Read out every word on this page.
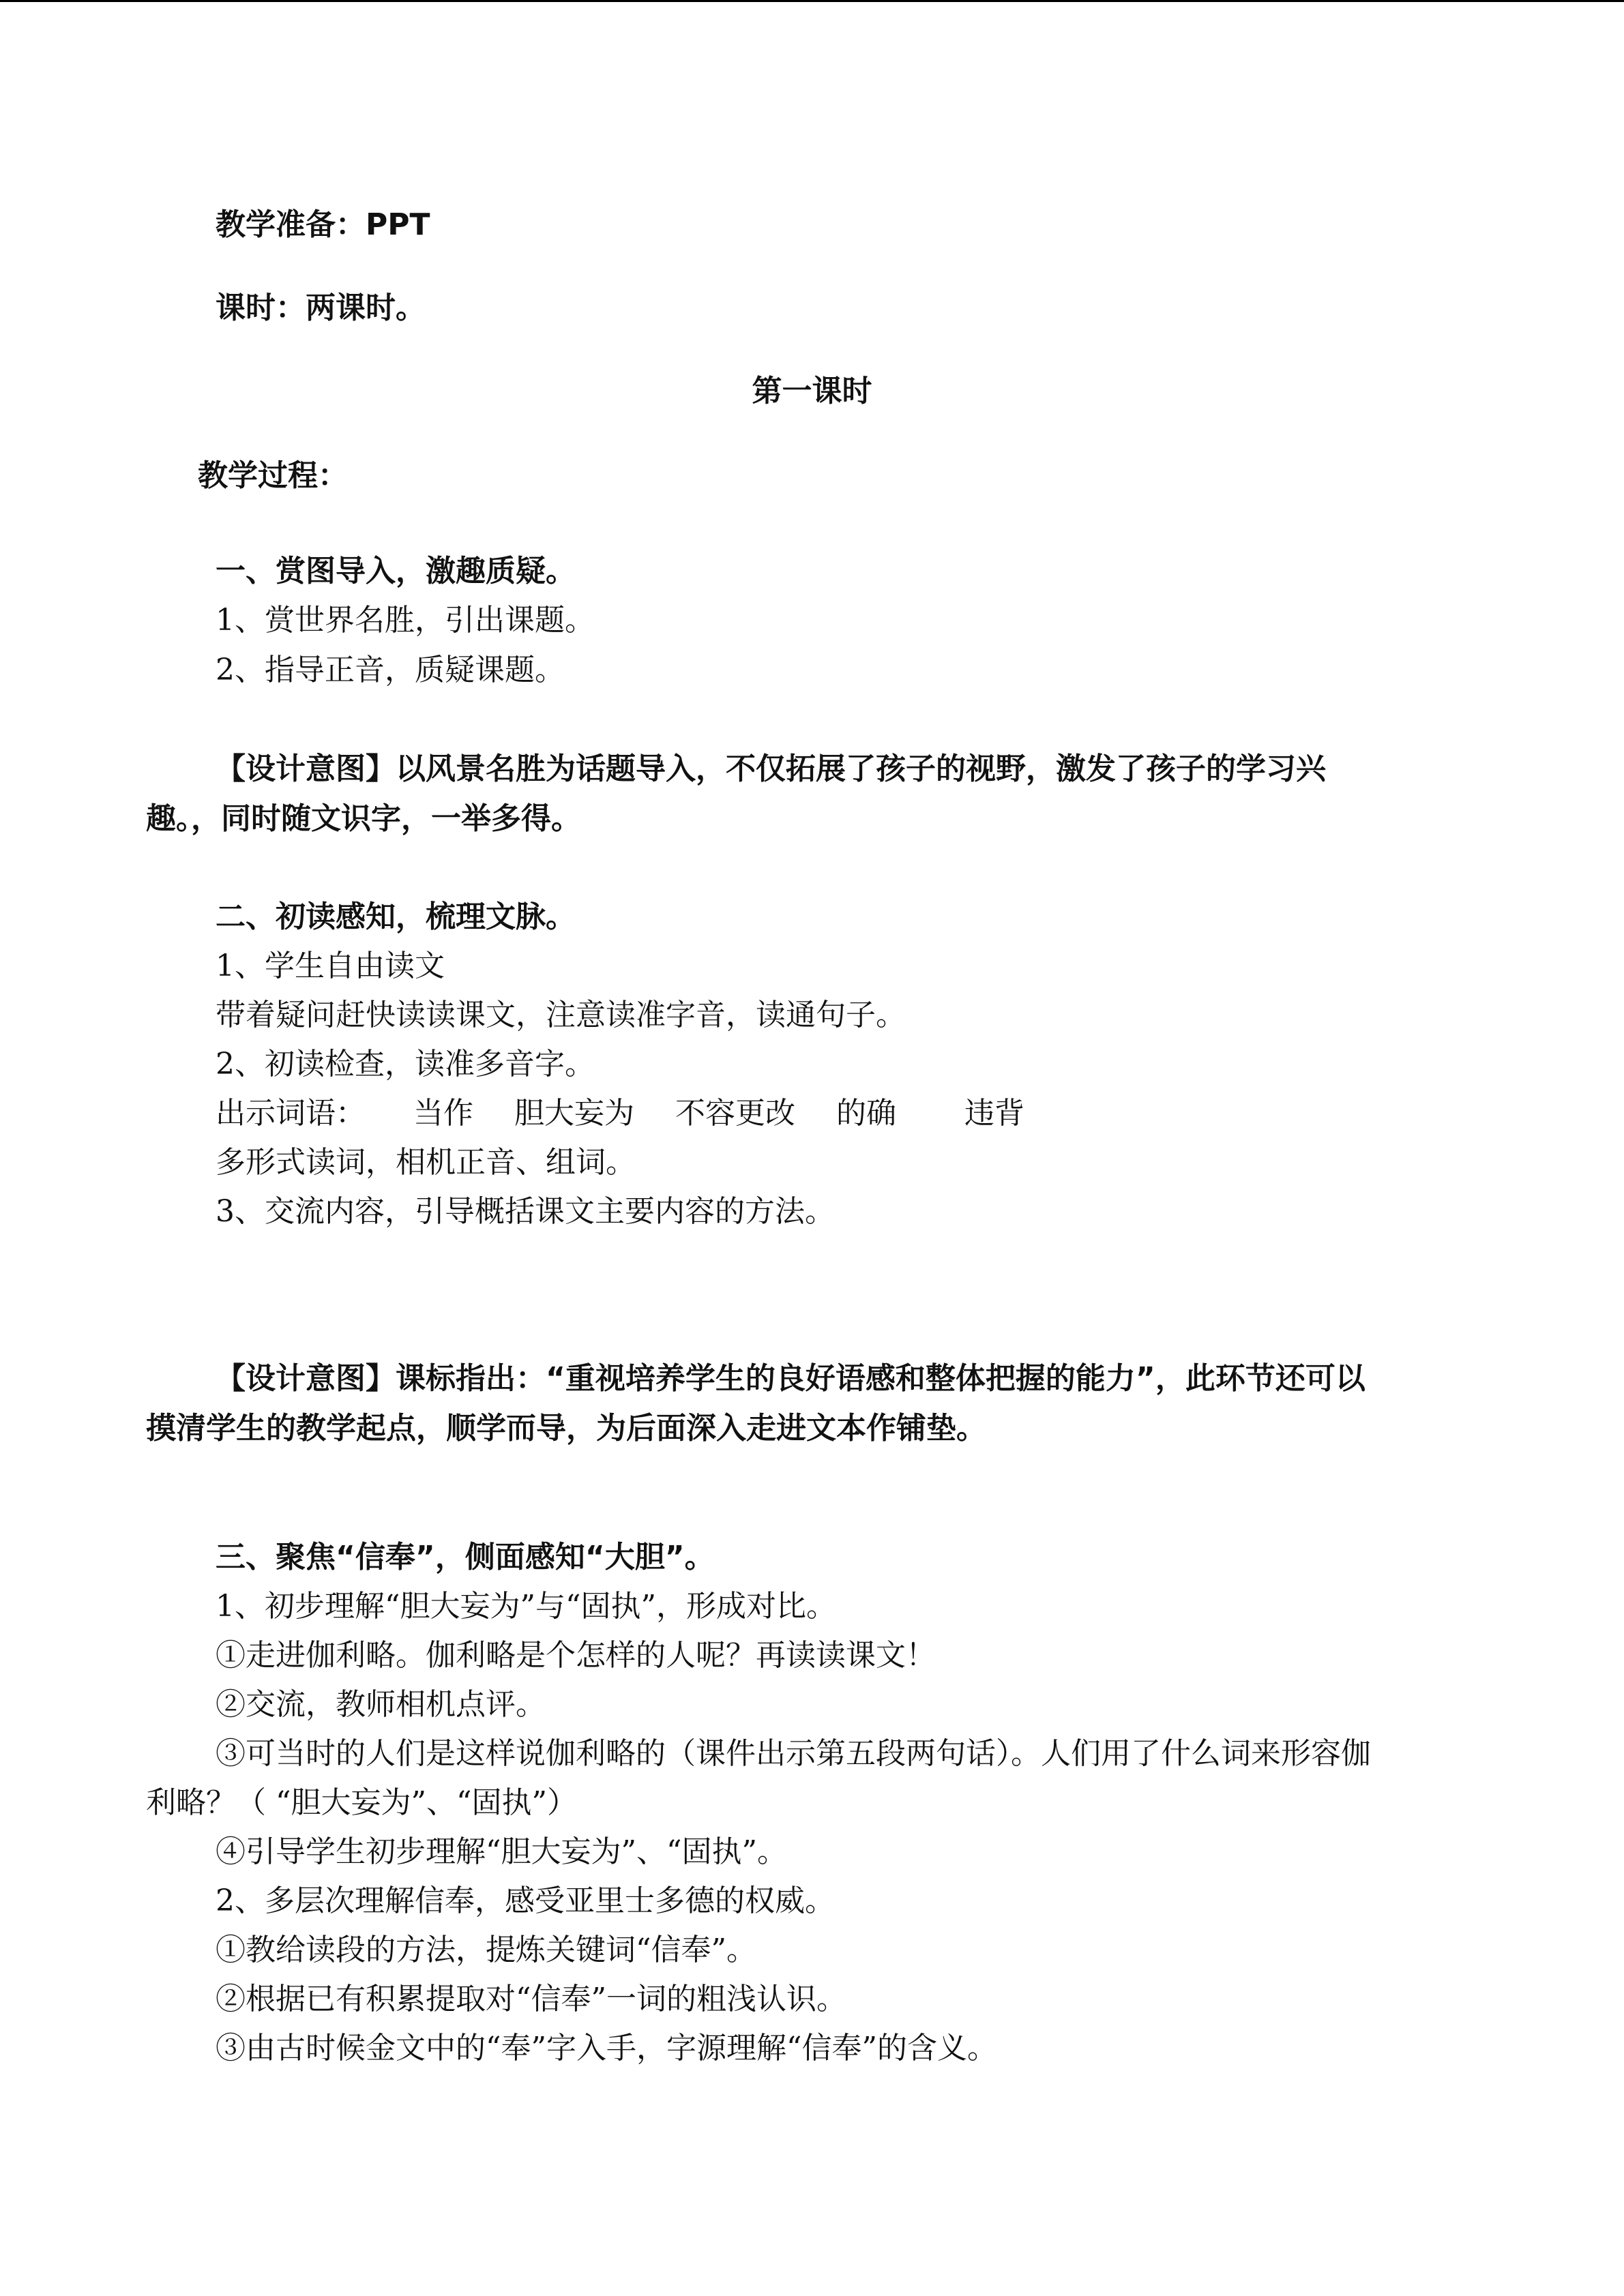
教学准备：PPT
课时：两课时。
第一课时
教学过程：
一、赏图导入，激趣质疑。
1、赏世界名胜，引出课题。
2、指导正音，质疑课题。
【设计意图】以风景名胜为话题导入，不仅拓展了孩子的视野，激发了孩子的学习兴
趣。，同时随文识字，一举多得。
二、初读感知，梳理文脉。
1、学生自由读文
带着疑问赶快读读课文，注意读准字音，读通句子。
2、初读检查，读准多音字。
出示词语： 当作 胆大妄为 不容更改 的确 违背
多形式读词，相机正音、组词。
3、交流内容，引导概括课文主要内容的方法。
【设计意图】课标指出：“重视培养学生的良好语感和整体把握的能力”，此环节还可以
摸清学生的教学起点，顺学而导，为后面深入走进文本作铺垫。
三、聚焦“信奉”，侧面感知“大胆”。
1、初步理解“胆大妄为”与“固执”，形成对比。
①走进伽利略。伽利略是个怎样的人呢？再读读课文！
②交流，教师相机点评。
③可当时的人们是这样说伽利略的（课件出示第五段两句话）。人们用了什么词来形容伽
利略？（ “胆大妄为”、“固执”）
④引导学生初步理解“胆大妄为”、“固执”。
2、多层次理解信奉，感受亚里士多德的权威。
①教给读段的方法，提炼关键词“信奉”。
②根据已有积累提取对“信奉”一词的粗浅认识。
③由古时候金文中的“奉”字入手，字源理解“信奉”的含义。
